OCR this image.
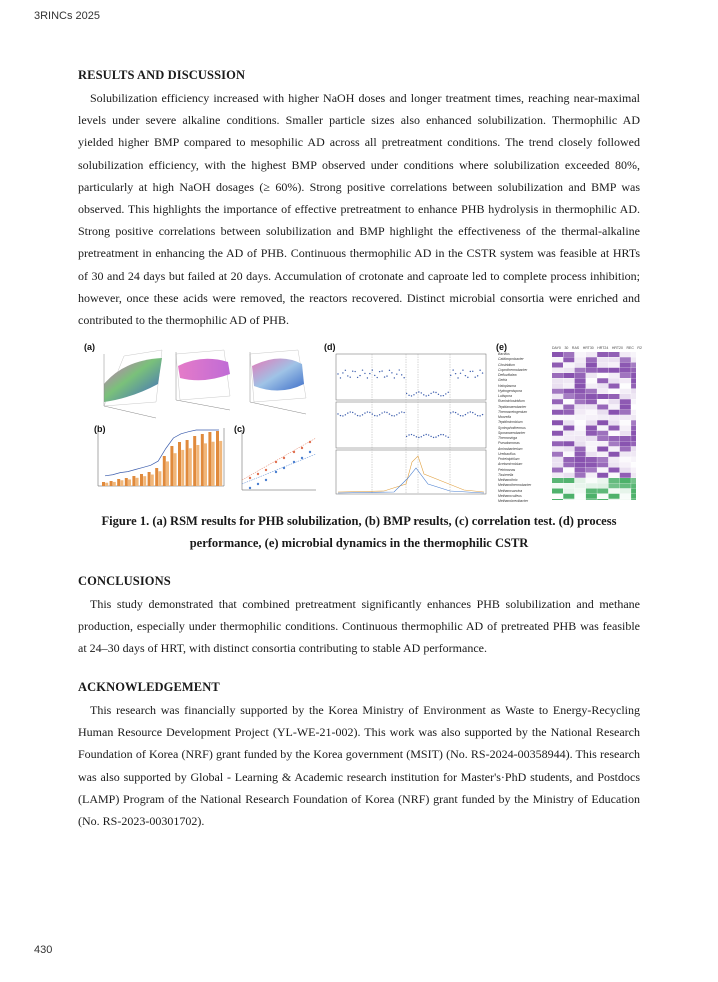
3RINCs 2025
RESULTS AND DISCUSSION

Solubilization efficiency increased with higher NaOH doses and longer treatment times, reaching near-maximal levels under severe alkaline conditions. Smaller particle sizes also enhanced solubilization. Thermophilic AD yielded higher BMP compared to mesophilic AD across all pretreatment conditions. The trend closely followed solubilization efficiency, with the highest BMP observed under conditions where solubilization exceeded 80%, particularly at high NaOH dosages (≥ 60%). Strong positive correlations between solubilization and BMP was observed. This highlights the importance of effective pretreatment to enhance PHB hydrolysis in thermophilic AD. Strong positive correlations between solubilization and BMP highlight the effectiveness of the thermal-alkaline pretreatment in enhancing the AD of PHB. Continuous thermophilic AD in the CSTR system was feasible at HRTs of 30 and 24 days but failed at 20 days. Accumulation of crotonate and caproate led to complete process inhibition; however, once these acids were removed, the reactors recovered. Distinct microbial consortia were enriched and contributed to the thermophilic AD of PHB.

(a)
(b)	(c)
(d)	(e)	DAY0 30 RAS HRT30 HRT24 HRT20 REC R2
Bacillus
Caldicoprobacter
Clostridium
Coprothermobacter
Defluviitalea
Gelria
Haloplasma
Hydrogenispora
Lutispora
Ruminiclostridium
Tepidanaerobacter
Thermacetogenium
Moorella
Tepidimicrobium
Syntrophothermus
Sporanaerobacter
Thermovirga
Pseudomonas
Aminobacterium
Ureibacillus
Proteiniphilum
Acetomicrobium
Petrimonas
Tissierella
Methanothrix
Methanothermobacter
Methanosarcina
Methanoculleus
Methanobrevibacter
Figure 1. (a) RSM results for PHB solubilization, (b) BMP results, (c) correlation test. (d) process
performance, (e) microbial dynamics in the thermophilic CSTR
CONCLUSIONS

This study demonstrated that combined pretreatment significantly enhances PHB solubilization and methane production, especially under thermophilic conditions. Continuous thermophilic AD of pretreated PHB was feasible at 24–30 days of HRT, with distinct consortia contributing to stable AD performance.

ACKNOWLEDGEMENT

This research was financially supported by the Korea Ministry of Environment as Waste to Energy-Recycling Human Resource Development Project (YL-WE-21-002). This work was also supported by the National Research Foundation of Korea (NRF) grant funded by the Korea government (MSIT) (No. RS-2024-00358944). This research was also supported by Global - Learning & Academic research institution for Master's·PhD students, and Postdocs (LAMP) Program of the National Research Foundation of Korea (NRF) grant funded by the Ministry of Education (No. RS-2023-00301702).

430
